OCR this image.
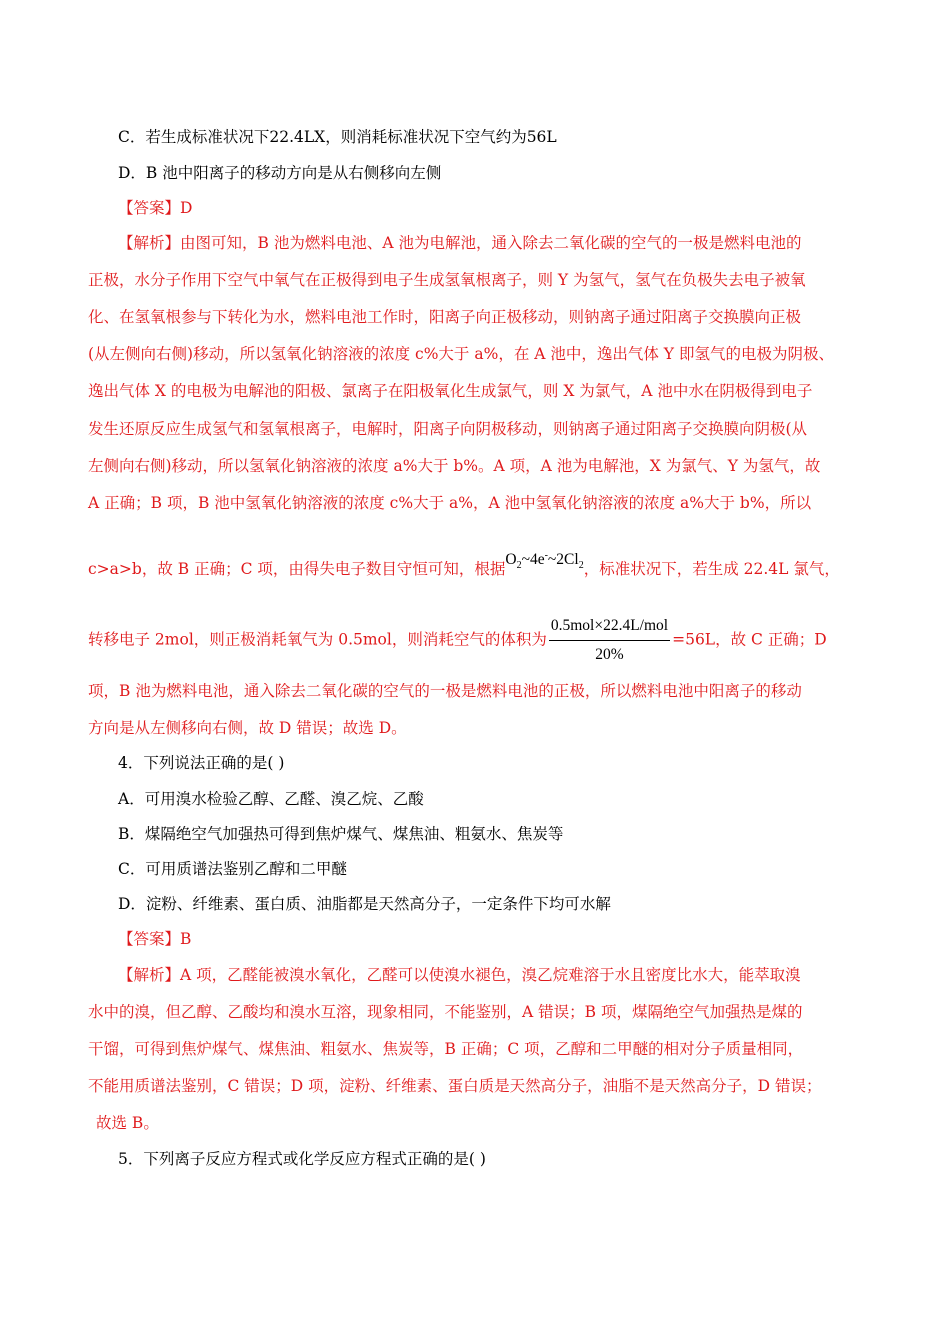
C．若生成标准状况下22.4LX，则消耗标准状况下空气约为56L
D．B 池中阳离子的移动方向是从右侧移向左侧
【答案】D
【解析】由图可知，B 池为燃料电池、A 池为电解池，通入除去二氧化碳的空气的一极是燃料电池的
正极，水分子作用下空气中氧气在正极得到电子生成氢氧根离子，则 Y 为氢气，氢气在负极失去电子被氧
化、在氢氧根参与下转化为水，燃料电池工作时，阳离子向正极移动，则钠离子通过阳离子交换膜向正极
(从左侧向右侧)移动，所以氢氧化钠溶液的浓度 c%大于 a%，在 A 池中，逸出气体 Y 即氢气的电极为阴极、
逸出气体 X 的电极为电解池的阳极、氯离子在阳极氧化生成氯气，则 X 为氯气，A 池中水在阴极得到电子
发生还原反应生成氢气和氢氧根离子，电解时，阳离子向阴极移动，则钠离子通过阳离子交换膜向阴极(从
左侧向右侧)移动，所以氢氧化钠溶液的浓度 a%大于 b%。A 项，A 池为电解池，X 为氯气、Y 为氢气，故
A 正确；B 项，B 池中氢氧化钠溶液的浓度 c%大于 a%，A 池中氢氧化钠溶液的浓度 a%大于 b%，所以
c>a>b，故 B 正确；C 项，由得失电子数目守恒可知，根据$O_2\sim 4e^-\sim 2Cl_2$，标准状况下，若生成 22.4L 氯气，
转移电子 2mol，则正极消耗氧气为 0.5mol，则消耗空气的体积为 $\frac{\text{0.5mol×22.4L/mol}}{20\%} =56L$，故 C 正确；D
项，B 池为燃料电池，通入除去二氧化碳的空气的一极是燃料电池的正极，所以燃料电池中阳离子的移动
方向是从左侧移向右侧，故 D 错误；故选 D。
4．下列说法正确的是( )
A．可用溴水检验乙醇、乙醛、溴乙烷、乙酸
B．煤隔绝空气加强热可得到焦炉煤气、煤焦油、粗氨水、焦炭等
C．可用质谱法鉴别乙醇和二甲醚
D．淀粉、纤维素、蛋白质、油脂都是天然高分子，一定条件下均可水解
【答案】B
【解析】A 项，乙醛能被溴水氧化，乙醛可以使溴水褪色，溴乙烷难溶于水且密度比水大，能萃取溴
水中的溴，但乙醇、乙酸均和溴水互溶，现象相同，不能鉴别，A 错误；B 项，煤隔绝空气加强热是煤的
干馏，可得到焦炉煤气、煤焦油、粗氨水、焦炭等，B 正确；C 项，乙醇和二甲醚的相对分子质量相同，
不能用质谱法鉴别，C 错误；D 项，淀粉、纤维素、蛋白质是天然高分子，油脂不是天然高分子，D 错误；
故选 B。
5．下列离子反应方程式或化学反应方程式正确的是( )
